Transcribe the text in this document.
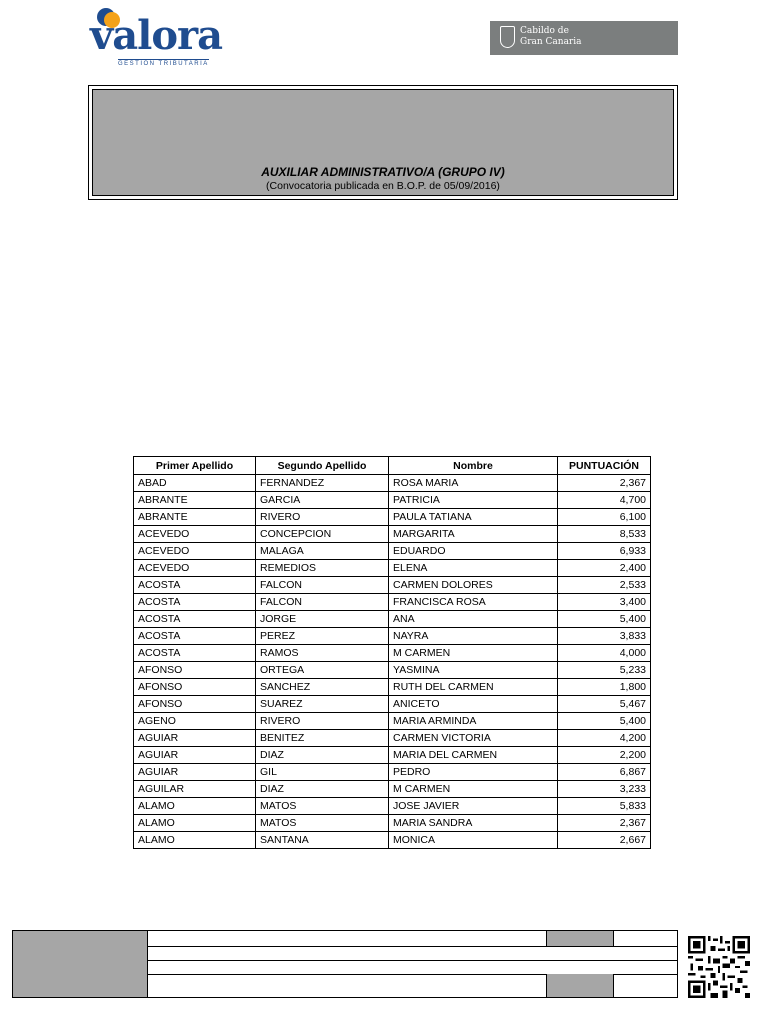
valora
GESTIÓN TRIBUTARIA
Cabildo de
Gran Canaria
AUXILIAR ADMINISTRATIVO/A (GRUPO IV)
(Convocatoria publicada en B.O.P. de 05/09/2016)
Primer Apellido	Segundo Apellido	Nombre	PUNTUACIÓN
ABAD	FERNANDEZ	ROSA MARIA	2,367
ABRANTE	GARCIA	PATRICIA	4,700
ABRANTE	RIVERO	PAULA TATIANA	6,100
ACEVEDO	CONCEPCION	MARGARITA	8,533
ACEVEDO	MALAGA	EDUARDO	6,933
ACEVEDO	REMEDIOS	ELENA	2,400
ACOSTA	FALCON	CARMEN DOLORES	2,533
ACOSTA	FALCON	FRANCISCA ROSA	3,400
ACOSTA	JORGE	ANA	5,400
ACOSTA	PEREZ	NAYRA	3,833
ACOSTA	RAMOS	M CARMEN	4,000
AFONSO	ORTEGA	YASMINA	5,233
AFONSO	SANCHEZ	RUTH DEL CARMEN	1,800
AFONSO	SUAREZ	ANICETO	5,467
AGENO	RIVERO	MARIA ARMINDA	5,400
AGUIAR	BENITEZ	CARMEN VICTORIA	4,200
AGUIAR	DIAZ	MARIA DEL CARMEN	2,200
AGUIAR	GIL	PEDRO	6,867
AGUILAR	DIAZ	M CARMEN	3,233
ALAMO	MATOS	JOSE JAVIER	5,833
ALAMO	MATOS	MARIA SANDRA	2,367
ALAMO	SANTANA	MONICA	2,667
